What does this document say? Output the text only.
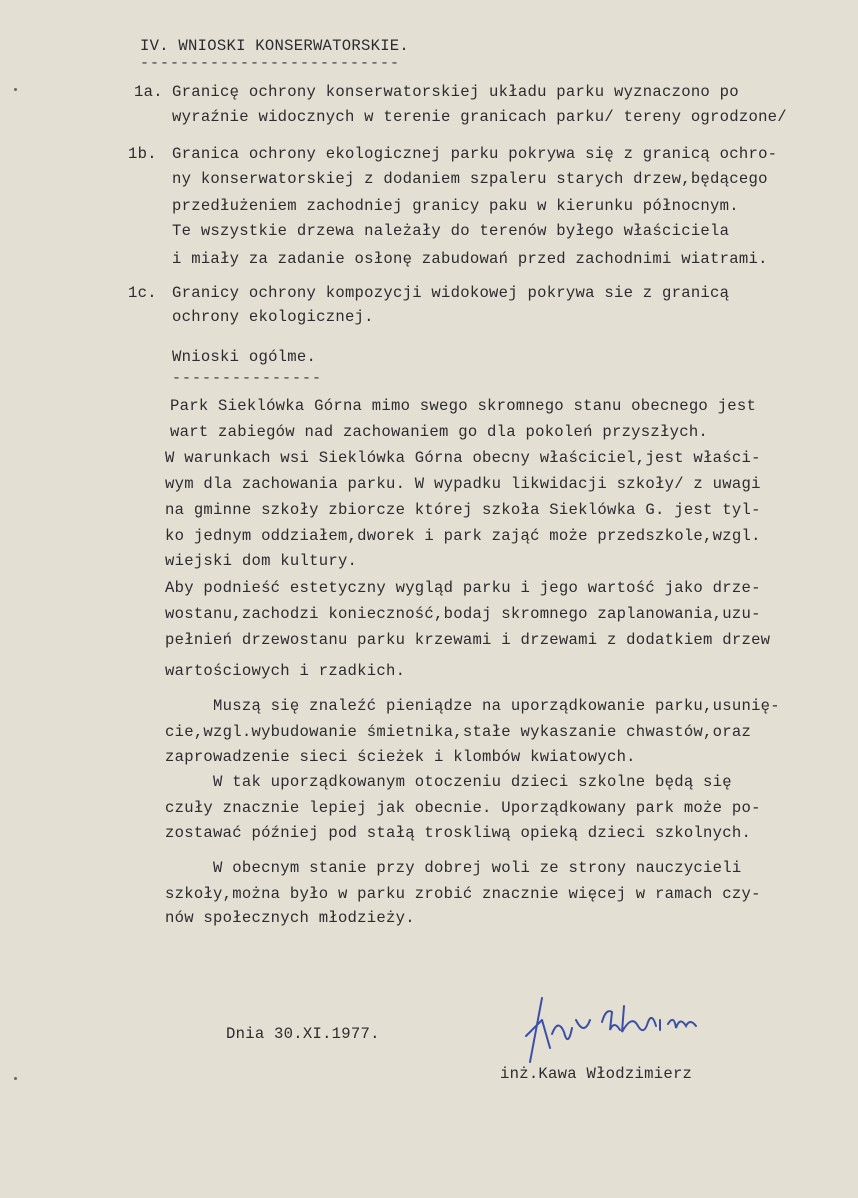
IV. WNIOSKI KONSERWATORSKIE.
--------------------------
1a. Granicę ochrony konserwatorskiej układu parku wyznaczono po
wyraźnie widocznych w terenie granicach parku/ tereny ogrodzone/
1b. Granica ochrony ekologicznej parku pokrywa się z granicą ochro-
ny konserwatorskiej z dodaniem szpaleru starych drzew,będącego
przedłużeniem zachodniej granicy paku w kierunku północnym.
Te wszystkie drzewa należały do terenów byłego właściciela
i miały za zadanie osłonę zabudowań przed zachodnimi wiatrami.
1c. Granicy ochrony kompozycji widokowej pokrywa sie z granicą
ochrony ekologicznej.
Wnioski ogólme.
---------------
Park Sieklówka Górna mimo swego skromnego stanu obecnego jest
wart zabiegów nad zachowaniem go dla pokoleń przyszłych.
W warunkach wsi Sieklówka Górna obecny właściciel,jest właści-
wym dla zachowania parku. W wypadku likwidacji szkoły/ z uwagi
na gminne szkoły zbiorcze której szkoła Sieklówka G. jest tyl-
ko jednym oddziałem,dworek i park zająć może przedszkole,wzgl.
wiejski dom kultury.
Aby podnieść estetyczny wygląd parku i jego wartość jako drze-
wostanu,zachodzi konieczność,bodaj skromnego zaplanowania,uzu-
pełnień drzewostanu parku krzewami i drzewami z dodatkiem drzew
wartościowych i rzadkich.
Muszą się znaleźć pieniądze na uporządkowanie parku,usunię-
cie,wzgl.wybudowanie śmietnika,stałe wykaszanie chwastów,oraz
zaprowadzenie sieci ścieżek i klombów kwiatowych.
W tak uporządkowanym otoczeniu dzieci szkolne będą się
czuły znacznie lepiej jak obecnie. Uporządkowany park może po-
zostawać później pod stałą troskliwą opieką dzieci szkolnych.
W obecnym stanie przy dobrej woli ze strony nauczycieli
szkoły,można było w parku zrobić znacznie więcej w ramach czy-
nów społecznych młodzieży.
Dnia 30.XI.1977.
inż.Kawa Włodzimierz
